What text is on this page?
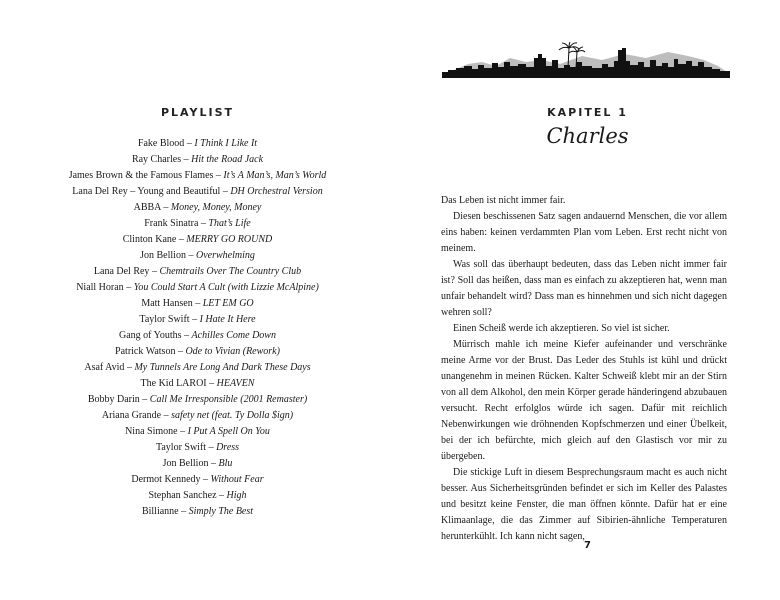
PLAYLIST
Fake Blood – I Think I Like It
Ray Charles – Hit the Road Jack
James Brown & the Famous Flames – It’s A Man’s, Man’s World
Lana Del Rey – Young and Beautiful – DH Orchestral Version
ABBA – Money, Money, Money
Frank Sinatra – That’s Life
Clinton Kane – MERRY GO ROUND
Jon Bellion – Overwhelming
Lana Del Rey – Chemtrails Over The Country Club
Niall Horan – You Could Start A Cult (with Lizzie McAlpine)
Matt Hansen – LET EM GO
Taylor Swift – I Hate It Here
Gang of Youths – Achilles Come Down
Patrick Watson – Ode to Vivian (Rework)
Asaf Avid – My Tunnels Are Long And Dark These Days
The Kid LAROI – HEAVEN
Bobby Darin – Call Me Irresponsible (2001 Remaster)
Ariana Grande – safety net (feat. Ty Dolla $ign)
Nina Simone – I Put A Spell On You
Taylor Swift – Dress
Jon Bellion – Blu
Dermot Kennedy – Without Fear
Stephan Sanchez – High
Billianne – Simply The Best
KAPITEL 1
Charles

Das Leben ist nicht immer fair.

Diesen beschissenen Satz sagen andauernd Menschen, die vor allem eins haben: keinen verdammten Plan vom Leben. Erst recht nicht von meinem.

Was soll das überhaupt bedeuten, dass das Leben nicht immer fair ist? Soll das heißen, dass man es einfach zu akzeptieren hat, wenn man unfair behandelt wird? Dass man es hinnehmen und sich nicht dagegen wehren soll?

Einen Scheiß werde ich akzeptieren. So viel ist sicher.

Mürrisch mahle ich meine Kiefer aufeinander und verschränke meine Arme vor der Brust. Das Leder des Stuhls ist kühl und drückt unangenehm in meinen Rücken. Kalter Schweiß klebt mir an der Stirn von all dem Alkohol, den mein Körper gerade händeringend abzubauen versucht. Recht erfolglos würde ich sagen. Dafür mit reichlich Nebenwirkungen wie dröhnenden Kopfschmerzen und einer Übelkeit, bei der ich befürchte, mich gleich auf den Glastisch vor mir zu übergeben.

Die stickige Luft in diesem Besprechungsraum macht es auch nicht besser. Aus Sicherheitsgründen befindet er sich im Keller des Palastes und besitzt keine Fenster, die man öffnen könnte. Dafür hat er eine Klimaanlage, die das Zimmer auf Sibirien-ähnliche Temperaturen herunterkühlt. Ich kann nicht sagen,

7
